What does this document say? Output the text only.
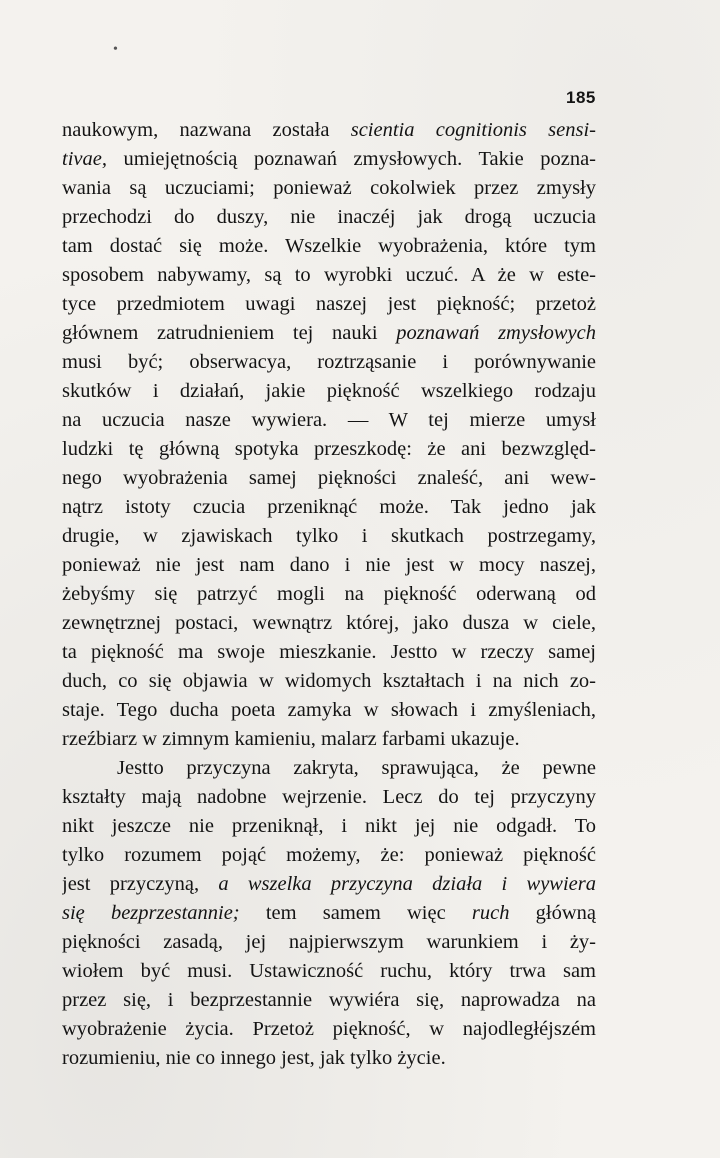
•
185
naukowym, nazwana została scientia cognitionis sensi-
tivae, umiejętnością poznawań zmysłowych. Takie pozna-
wania są uczuciami; ponieważ cokolwiek przez zmysły
przechodzi do duszy, nie inaczéj jak drogą uczucia
tam dostać się może. Wszelkie wyobrażenia, które tym
sposobem nabywamy, są to wyrobki uczuć. A że w este-
tyce przedmiotem uwagi naszej jest piękność; przetoż
głównem zatrudnieniem tej nauki poznawań zmysłowych
musi być; obserwacya, roztrząsanie i porównywanie
skutków i działań, jakie piękność wszelkiego rodzaju
na uczucia nasze wywiera. — W tej mierze umysł
ludzki tę główną spotyka przeszkodę: że ani bezwzględ-
nego wyobrażenia samej piękności znaleść, ani wew-
nątrz istoty czucia przeniknąć może. Tak jedno jak
drugie, w zjawiskach tylko i skutkach postrzegamy,
ponieważ nie jest nam dano i nie jest w mocy naszej,
żebyśmy się patrzyć mogli na piękność oderwaną od
zewnętrznej postaci, wewnątrz której, jako dusza w ciele,
ta piękność ma swoje mieszkanie. Jestto w rzeczy samej
duch, co się objawia w widomych kształtach i na nich zo-
staje. Tego ducha poeta zamyka w słowach i zmyśleniach,
rzeźbiarz w zimnym kamieniu, malarz farbami ukazuje.
Jestto przyczyna zakryta, sprawująca, że pewne
kształty mają nadobne wejrzenie. Lecz do tej przyczyny
nikt jeszcze nie przeniknął, i nikt jej nie odgadł. To
tylko rozumem pojąć możemy, że: ponieważ piękność
jest przyczyną, a wszelka przyczyna działa i wywiera
się bezprzestannie; tem samem więc ruch główną
piękności zasadą, jej najpierwszym warunkiem i ży-
wiołem być musi. Ustawiczność ruchu, który trwa sam
przez się, i bezprzestannie wywiéra się, naprowadza na
wyobrażenie życia. Przetoż piękność, w najodległéjszém
rozumieniu, nie co innego jest, jak tylko życie.
